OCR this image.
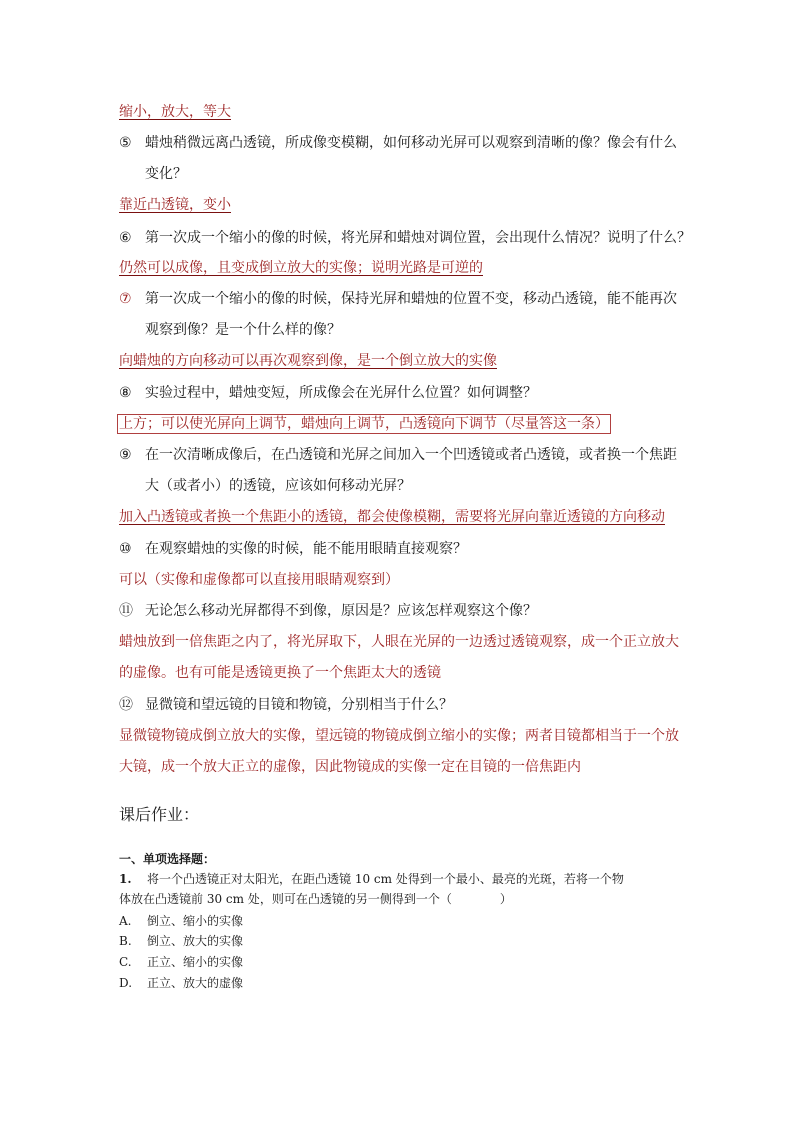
缩小，放大，等大
⑤ 蜡烛稍微远离凸透镜，所成像变模糊，如何移动光屏可以观察到清晰的像？像会有什么
变化？
靠近凸透镜，变小
⑥ 第一次成一个缩小的像的时候，将光屏和蜡烛对调位置，会出现什么情况？说明了什么？
仍然可以成像，且变成倒立放大的实像；说明光路是可逆的
⑦ 第一次成一个缩小的像的时候，保持光屏和蜡烛的位置不变，移动凸透镜，能不能再次
观察到像？是一个什么样的像？
向蜡烛的方向移动可以再次观察到像，是一个倒立放大的实像
⑧ 实验过程中，蜡烛变短，所成像会在光屏什么位置？如何调整？
上方；可以使光屏向上调节，蜡烛向上调节，凸透镜向下调节（尽量答这一条）
⑨ 在一次清晰成像后，在凸透镜和光屏之间加入一个凹透镜或者凸透镜，或者换一个焦距
大（或者小）的透镜，应该如何移动光屏？
加入凸透镜或者换一个焦距小的透镜，都会使像模糊，需要将光屏向靠近透镜的方向移动
⑩ 在观察蜡烛的实像的时候，能不能用眼睛直接观察？
可以（实像和虚像都可以直接用眼睛观察到）
⑪ 无论怎么移动光屏都得不到像，原因是？应该怎样观察这个像？
蜡烛放到一倍焦距之内了，将光屏取下，人眼在光屏的一边透过透镜观察，成一个正立放大
的虚像。也有可能是透镜更换了一个焦距太大的透镜
⑫ 显微镜和望远镜的目镜和物镜，分别相当于什么？
显微镜物镜成倒立放大的实像，望远镜的物镜成倒立缩小的实像；两者目镜都相当于一个放
大镜，成一个放大正立的虚像，因此物镜成的实像一定在目镜的一倍焦距内
课后作业：
一、单项选择题：
1. 将一个凸透镜正对太阳光，在距凸透镜 10 cm 处得到一个最小、最亮的光斑，若将一个物
体放在凸透镜前 30 cm 处，则可在凸透镜的另一侧得到一个（　　　　）
A. 倒立、缩小的实像
B. 倒立、放大的实像
C. 正立、缩小的实像
D. 正立、放大的虚像
